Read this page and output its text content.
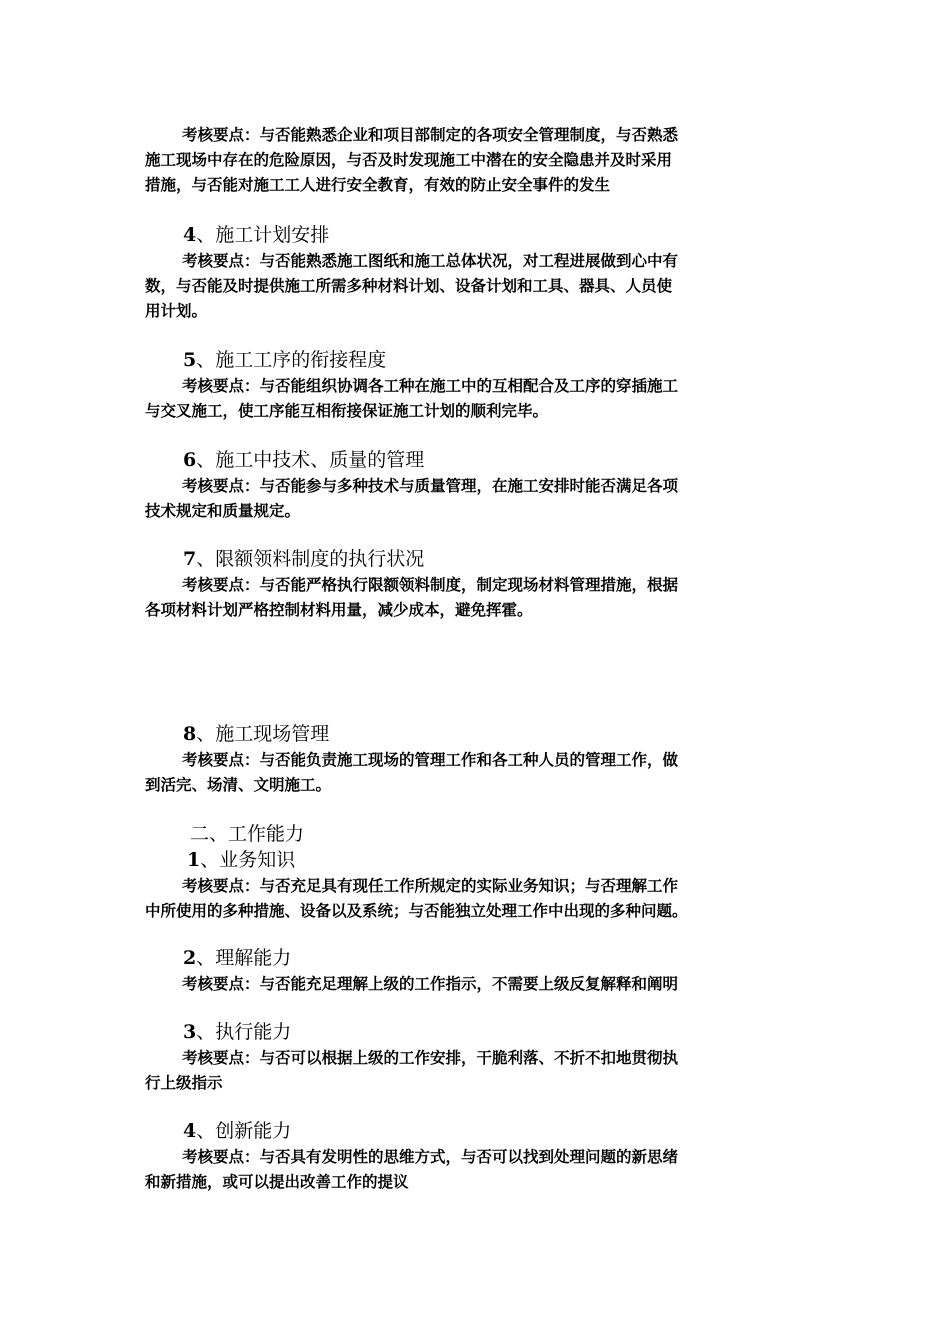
考核要点：与否能熟悉企业和项目部制定的各项安全管理制度，与否熟悉
施工现场中存在的危险原因，与否及时发现施工中潜在的安全隐患并及时采用
措施，与否能对施工工人进行安全教育，有效的防止安全事件的发生

4、施工计划安排

考核要点：与否能熟悉施工图纸和施工总体状况，对工程进展做到心中有
数，与否能及时提供施工所需多种材料计划、设备计划和工具、器具、人员使
用计划。

5、施工工序的衔接程度

考核要点：与否能组织协调各工种在施工中的互相配合及工序的穿插施工
与交叉施工，使工序能互相衔接保证施工计划的顺利完毕。

6、施工中技术、质量的管理

考核要点：与否能参与多种技术与质量管理，在施工安排时能否满足各项
技术规定和质量规定。

7、限额领料制度的执行状况

考核要点：与否能严格执行限额领料制度，制定现场材料管理措施，根据
各项材料计划严格控制材料用量，减少成本，避免挥霍。

8、施工现场管理

考核要点：与否能负责施工现场的管理工作和各工种人员的管理工作，做
到活完、场清、文明施工。

二、工作能力
1、业务知识

考核要点：与否充足具有现任工作所规定的实际业务知识；与否理解工作
中所使用的多种措施、设备以及系统；与否能独立处理工作中出现的多种问题。

2、理解能力

考核要点：与否能充足理解上级的工作指示，不需要上级反复解释和阐明

3、执行能力

考核要点：与否可以根据上级的工作安排，干脆利落、不折不扣地贯彻执
行上级指示

4、创新能力

考核要点：与否具有发明性的思维方式，与否可以找到处理问题的新思绪
和新措施，或可以提出改善工作的提议
